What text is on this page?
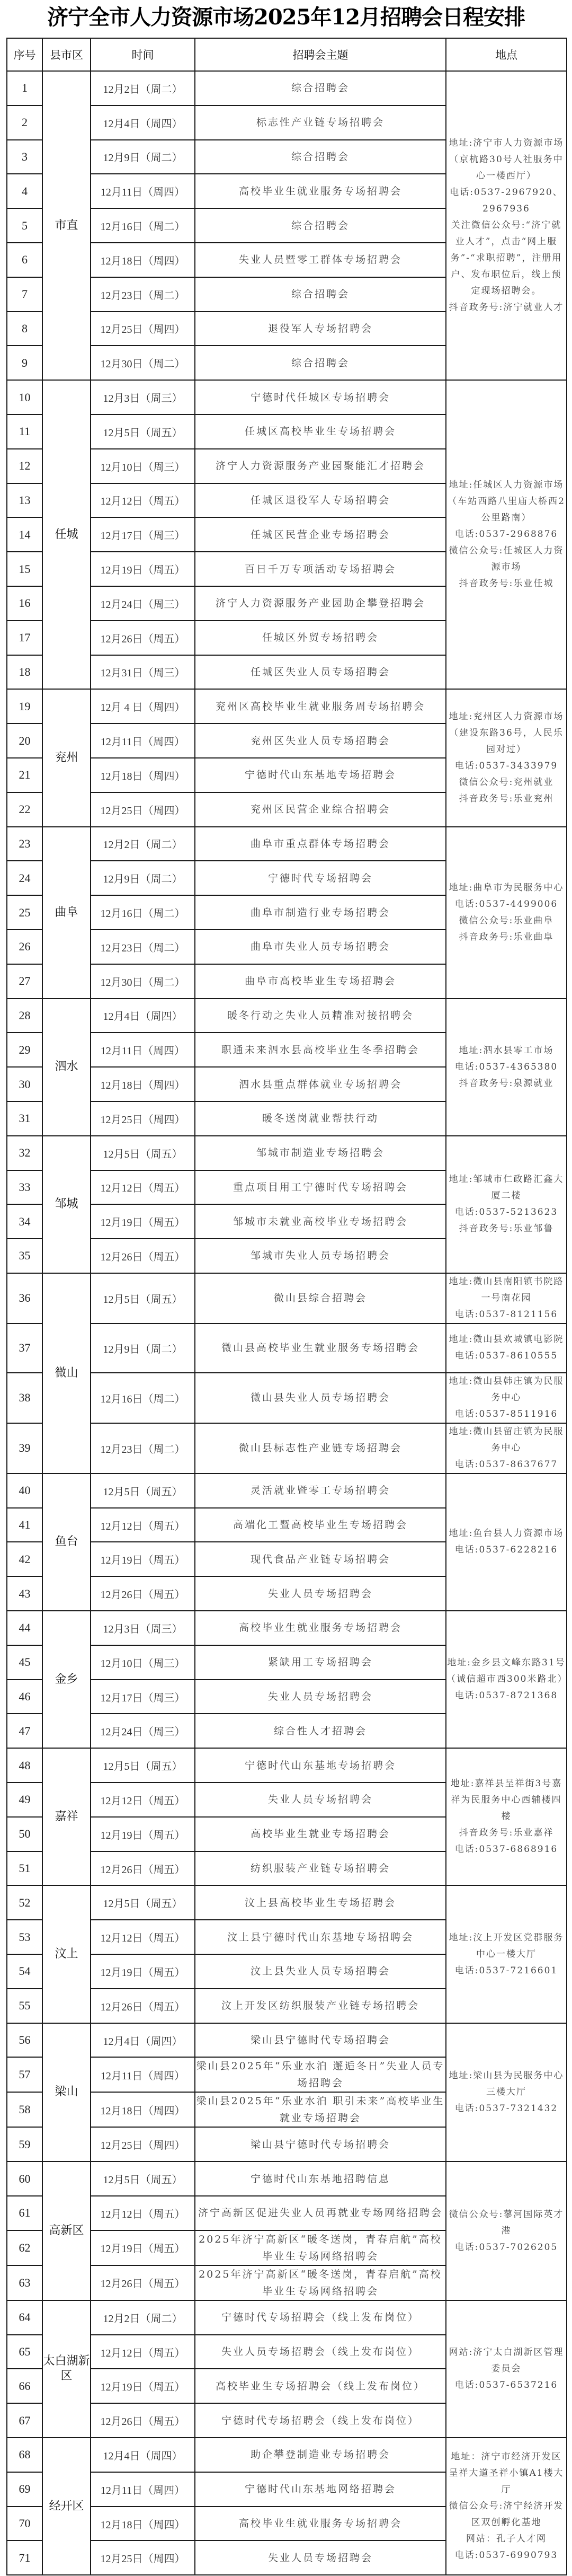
济宁全市人力资源市场2025年12月招聘会日程安排
序号	县市区	时间	招聘会主题	地点
1	市直	12月2日（周二）	综合招聘会	地址:济宁市人力资源市场（京杭路30号人社服务中心一楼西厅）
电话:0537-2967920、2967936
关注微信公众号:“济宁就业人才”，点击“网上服务”-“求职招聘”，注册用户、发布职位后，线上预定现场招聘会。
抖音政务号:济宁就业人才

2		12月4日（周四）	标志性产业链专场招聘会	
3		12月9日（周二）	综合招聘会	
4		12月11日（周四）	高校毕业生就业服务专场招聘会	
5		12月16日（周二）	综合招聘会	
6		12月18日（周四）	失业人员暨零工群体专场招聘会	
7		12月23日（周二）	综合招聘会	
8		12月25日（周四）	退役军人专场招聘会	
9		12月30日（周二）	综合招聘会	
10	任城	12月3日（周三）	宁德时代任城区专场招聘会	地址:任城区人力资源市场（车站西路八里庙大桥西2公里路南）
电话:0537-2968876
微信公众号:任城区人力资源市场
抖音政务号:乐业任城

11		12月5日（周五）	任城区高校毕业生专场招聘会	
12		12月10日（周三）	济宁人力资源服务产业园聚能汇才招聘会	
13		12月12日（周五）	任城区退役军人专场招聘会	
14		12月17日（周三）	任城区民营企业专场招聘会	
15		12月19日（周五）	百日千万专项活动专场招聘会	
16		12月24日（周三）	济宁人力资源服务产业园助企攀登招聘会	
17		12月26日（周五）	任城区外贸专场招聘会	
18		12月31日（周三）	任城区失业人员专场招聘会	
19	兖州	12月 4 日（周四）	兖州区高校毕业生就业服务周专场招聘会	地址:兖州区人力资源市场（建设东路36号，人民乐园对过）
电话:0537-3433979
微信公众号:兖州就业
抖音政务号:乐业兖州

20		12月11日（周四）	兖州区失业人员专场招聘会	
21		12月18日（周四）	宁德时代山东基地专场招聘会	
22		12月25日（周四）	兖州区民营企业综合招聘会	
23	曲阜	12月2日（周二）	曲阜市重点群体专场招聘会	地址:曲阜市为民服务中心
电话:0537-4499006
微信公众号:乐业曲阜
抖音政务号:乐业曲阜

24		12月9日（周二）	宁德时代专场招聘会	
25		12月16日（周二）	曲阜市制造行业专场招聘会	
26		12月23日（周二）	曲阜市失业人员专场招聘会	
27		12月30日（周二）	曲阜市高校毕业生专场招聘会	
28	泗水	12月4日（周四）	暖冬行动之失业人员精准对接招聘会	地址:泗水县零工市场
电话:0537-4365380
抖音政务号:泉源就业

29		12月11日（周四）	职通未来泗水县高校毕业生冬季招聘会	
30		12月18日（周四）	泗水县重点群体就业专场招聘会	
31		12月25日（周四）	暖冬送岗就业帮扶行动	
32	邹城	12月5日（周五）	邹城市制造业专场招聘会	地址:邹城市仁政路汇鑫大厦二楼
电话:0537-5213623
抖音政务号:乐业邹鲁

33		12月12日（周五）	重点项目用工宁德时代专场招聘会	
34		12月19日（周五）	邹城市未就业高校毕业专场招聘会	
35		12月26日（周五）	邹城市失业人员专场招聘会	
36	微山	12月5日（周五）	微山县综合招聘会	地址:微山县南阳镇书院路一号南花园
电话:0537-8121156

37		12月9日（周二）	微山县高校毕业生就业服务专场招聘会	地址:微山县欢城镇电影院
电话:0537-8610555

38		12月16日（周二）	微山县失业人员专场招聘会	地址:微山县韩庄镇为民服务中心
电话:0537-8511916

39		12月23日（周二）	微山县标志性产业链专场招聘会	地址:微山县留庄镇为民服务中心
电话:0537-8637677

40	鱼台	12月5日（周五）	灵活就业暨零工专场招聘会	地址:鱼台县人力资源市场
电话:0537-6228216

41		12月12日（周五）	高端化工暨高校毕业生专场招聘会	
42		12月19日（周五）	现代食品产业链专场招聘会	
43		12月26日（周五）	失业人员专场招聘会	
44	金乡	12月3日（周三）	高校毕业生就业服务专场招聘会	地址:金乡县文峰东路31号（诚信超市西300米路北）
电话:0537-8721368

45		12月10日（周三）	紧缺用工专场招聘会	
46		12月17日（周三）	失业人员专场招聘会	
47		12月24日（周三）	综合性人才招聘会	
48	嘉祥	12月5日（周五）	宁德时代山东基地专场招聘会	地址:嘉祥县呈祥街3号嘉祥为民服务中心西辅楼四楼
抖音政务号:乐业嘉祥
电话:0537-6868916

49		12月12日（周五）	失业人员专场招聘会	
50		12月19日（周五）	高校毕业生就业专场招聘会	
51		12月26日（周五）	纺织服装产业链专场招聘会	
52	汶上	12月5日（周五）	汶上县高校毕业生专场招聘会	地址:汶上开发区党群服务中心一楼大厅
电话:0537-7216601

53		12月12日（周五）	汶上县宁德时代山东基地专场招聘会	
54		12月19日（周五）	汶上县失业人员专场招聘会	
55		12月26日（周五）	汶上开发区纺织服装产业链专场招聘会	
56	梁山	12月4日（周四）	梁山县宁德时代专场招聘会	地址:梁山县为民服务中心三楼大厅
电话:0537-7321432

57		12月11日（周四）	梁山县2025年“乐业水泊 邂逅冬日”失业人员专场招聘会	
58		12月18日（周四）	梁山县2025年“乐业水泊 职引未来”高校毕业生就业专场招聘会	
59		12月25日（周四）	梁山县宁德时代专场招聘会	
60	高新区	12月5日（周五）	宁德时代山东基地招聘信息	微信公众号:蓼河国际英才港
电话:0537-7026205

61		12月12日（周五）	济宁高新区促进失业人员再就业专场网络招聘会	
62		12月19日（周五）	2025年济宁高新区“暖冬送岗，青春启航”高校毕业生专场网络招聘会	
63		12月26日（周五）	2025年济宁高新区“暖冬送岗，青春启航”高校毕业生专场网络招聘会	
64	太白湖新区	12月2日（周二）	宁德时代专场招聘会（线上发布岗位）	网站:济宁太白湖新区管理委员会
电话:0537-6537216

65		12月12日（周五）	失业人员专场招聘会（线上发布岗位）	
66		12月19日（周五）	高校毕业生专场招聘会（线上发布岗位）	
67		12月26日（周五）	宁德时代专场招聘会（线上发布岗位）	
68	经开区	12月4日（周四）	助企攀登制造业专场招聘会	地址：济宁市经济开发区呈祥大道圣祥小镇A1楼大厅
微信公众号:济宁经济开发区双创孵化基地
网站：孔子人才网
电话:0537-6990793

69		12月11日（周四）	宁德时代山东基地网络招聘会	
70		12月18日（周四）	高校毕业生就业服务专场招聘会	
71		12月25日（周四）	失业人员专场招聘会	
